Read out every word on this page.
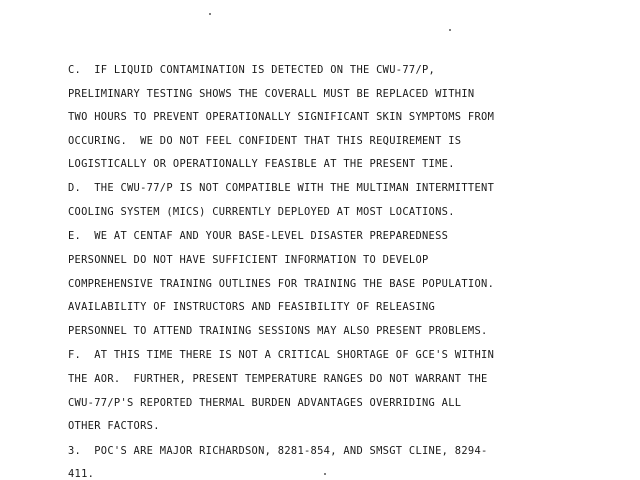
C.  IF LIQUID CONTAMINATION IS DETECTED ON THE CWU-77/P,
PRELIMINARY TESTING SHOWS THE COVERALL MUST BE REPLACED WITHIN
TWO HOURS TO PREVENT OPERATIONALLY SIGNIFICANT SKIN SYMPTOMS FROM
OCCURING.  WE DO NOT FEEL CONFIDENT THAT THIS REQUIREMENT IS
LOGISTICALLY OR OPERATIONALLY FEASIBLE AT THE PRESENT TIME.
D.  THE CWU-77/P IS NOT COMPATIBLE WITH THE MULTIMAN INTERMITTENT
COOLING SYSTEM (MICS) CURRENTLY DEPLOYED AT MOST LOCATIONS.
E.  WE AT CENTAF AND YOUR BASE-LEVEL DISASTER PREPAREDNESS
PERSONNEL DO NOT HAVE SUFFICIENT INFORMATION TO DEVELOP
COMPREHENSIVE TRAINING OUTLINES FOR TRAINING THE BASE POPULATION.
AVAILABILITY OF INSTRUCTORS AND FEASIBILITY OF RELEASING
PERSONNEL TO ATTEND TRAINING SESSIONS MAY ALSO PRESENT PROBLEMS.
F.  AT THIS TIME THERE IS NOT A CRITICAL SHORTAGE OF GCE'S WITHIN
THE AOR.  FURTHER, PRESENT TEMPERATURE RANGES DO NOT WARRANT THE
CWU-77/P'S REPORTED THERMAL BURDEN ADVANTAGES OVERRIDING ALL
OTHER FACTORS.
3.  POC'S ARE MAJOR RICHARDSON, 8281-854, AND SMSGT CLINE, 8294-
411.
